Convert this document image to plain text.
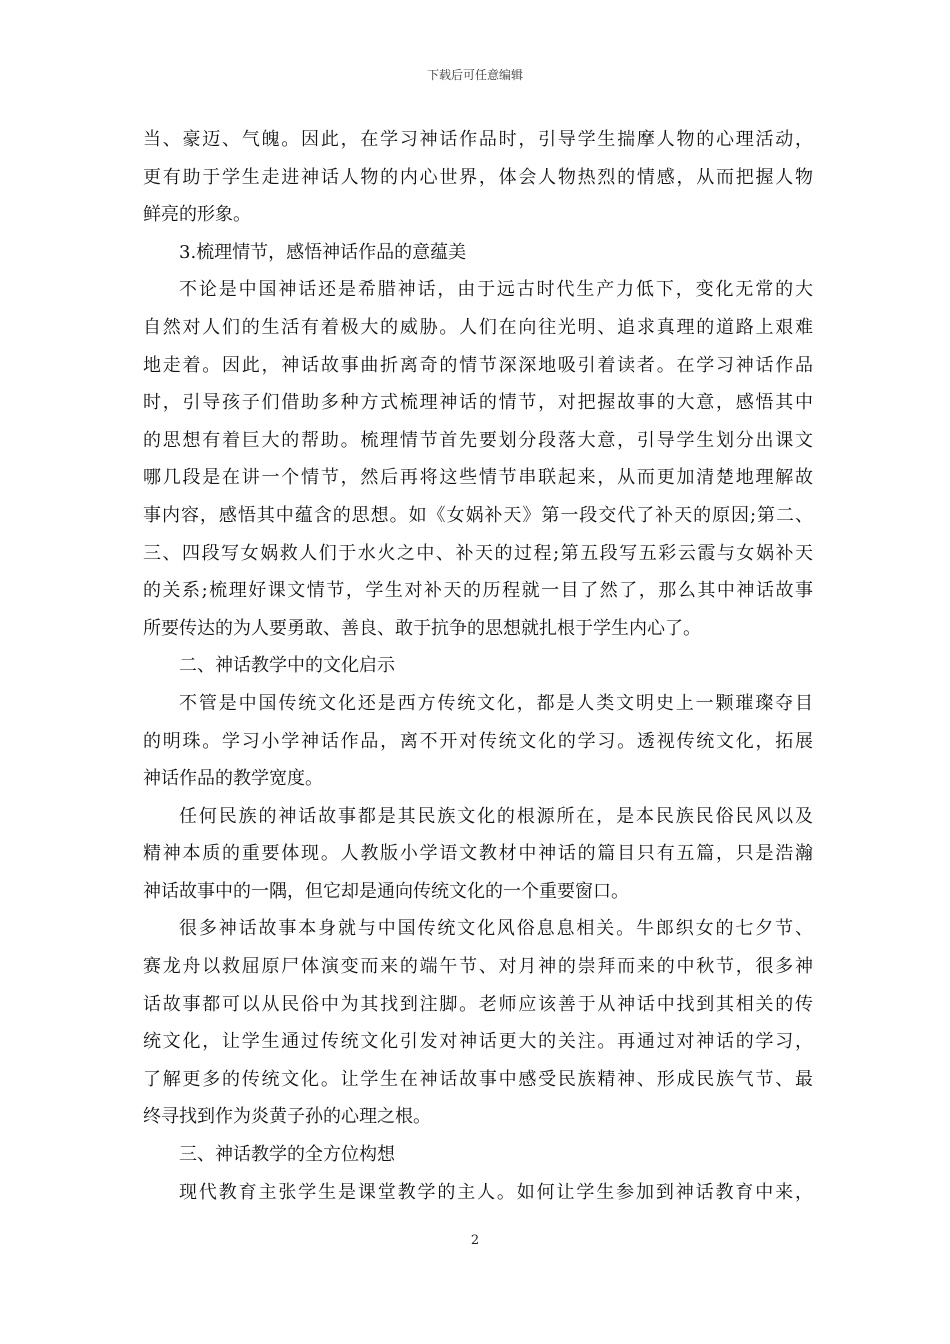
下载后可任意编辑
当、豪迈、气魄。因此，在学习神话作品时，引导学生揣摩人物的心理活动，
更有助于学生走进神话人物的内心世界，体会人物热烈的情感，从而把握人物
鲜亮的形象。
3.梳理情节，感悟神话作品的意蕴美
不论是中国神话还是希腊神话，由于远古时代生产力低下，变化无常的大
自然对人们的生活有着极大的威胁。人们在向往光明、追求真理的道路上艰难
地走着。因此，神话故事曲折离奇的情节深深地吸引着读者。在学习神话作品
时，引导孩子们借助多种方式梳理神话的情节，对把握故事的大意，感悟其中
的思想有着巨大的帮助。梳理情节首先要划分段落大意，引导学生划分出课文
哪几段是在讲一个情节，然后再将这些情节串联起来，从而更加清楚地理解故
事内容，感悟其中蕴含的思想。如《女娲补天》第一段交代了补天的原因;第二、
三、四段写女娲救人们于水火之中、补天的过程;第五段写五彩云霞与女娲补天
的关系;梳理好课文情节，学生对补天的历程就一目了然了，那么其中神话故事
所要传达的为人要勇敢、善良、敢于抗争的思想就扎根于学生内心了。
二、神话教学中的文化启示
不管是中国传统文化还是西方传统文化，都是人类文明史上一颗璀璨夺目
的明珠。学习小学神话作品，离不开对传统文化的学习。透视传统文化，拓展
神话作品的教学宽度。
任何民族的神话故事都是其民族文化的根源所在，是本民族民俗民风以及
精神本质的重要体现。人教版小学语文教材中神话的篇目只有五篇，只是浩瀚
神话故事中的一隅，但它却是通向传统文化的一个重要窗口。
很多神话故事本身就与中国传统文化风俗息息相关。牛郎织女的七夕节、
赛龙舟以救屈原尸体演变而来的端午节、对月神的崇拜而来的中秋节，很多神
话故事都可以从民俗中为其找到注脚。老师应该善于从神话中找到其相关的传
统文化，让学生通过传统文化引发对神话更大的关注。再通过对神话的学习，
了解更多的传统文化。让学生在神话故事中感受民族精神、形成民族气节、最
终寻找到作为炎黄子孙的心理之根。
三、神话教学的全方位构想
现代教育主张学生是课堂教学的主人。如何让学生参加到神话教育中来，
2
